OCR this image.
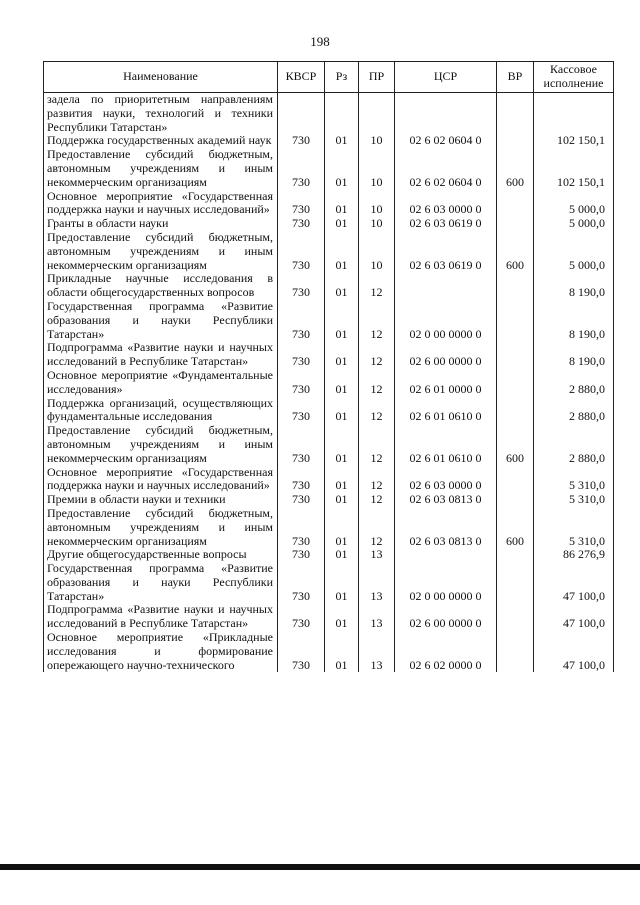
198
Наименование	КВСР	Рз	ПР	ЦСР	ВР	Кассовое исполнение
задела по приоритетным направлениям развития науки, технологий и техники Республики Татарстан»						
Поддержка государственных академий наук	730	01	10	02 6 02 0604 0		102 150,1
Предоставление субсидий бюджетным, автономным учреждениям и иным некоммерческим организациям	730	01	10	02 6 02 0604 0	600	102 150,1
Основное мероприятие «Государственная поддержка науки и научных исследований»	730	01	10	02 6 03 0000 0		5 000,0
Гранты в области науки	730	01	10	02 6 03 0619 0		5 000,0
Предоставление субсидий бюджетным, автономным учреждениям и иным некоммерческим организациям	730	01	10	02 6 03 0619 0	600	5 000,0
Прикладные научные исследования в области общегосударственных вопросов	730	01	12			8 190,0
Государственная программа «Развитие образования и науки Республики Татарстан»	730	01	12	02 0 00 0000 0		8 190,0
Подпрограмма «Развитие науки и научных исследований в Республике Татарстан»	730	01	12	02 6 00 0000 0		8 190,0
Основное мероприятие «Фундаментальные исследования»	730	01	12	02 6 01 0000 0		2 880,0
Поддержка организаций, осуществляющих фундаментальные исследования	730	01	12	02 6 01 0610 0		2 880,0
Предоставление субсидий бюджетным, автономным учреждениям и иным некоммерческим организациям	730	01	12	02 6 01 0610 0	600	2 880,0
Основное мероприятие «Государственная поддержка науки и научных исследований»	730	01	12	02 6 03 0000 0		5 310,0
Премии в области науки и техники	730	01	12	02 6 03 0813 0		5 310,0
Предоставление субсидий бюджетным, автономным учреждениям и иным некоммерческим организациям	730	01	12	02 6 03 0813 0	600	5 310,0
Другие общегосударственные вопросы	730	01	13			86 276,9
Государственная программа «Развитие образования и науки Республики Татарстан»	730	01	13	02 0 00 0000 0		47 100,0
Подпрограмма «Развитие науки и научных исследований в Республике Татарстан»	730	01	13	02 6 00 0000 0		47 100,0
Основное мероприятие «Прикладные исследования и формирование опережающего научно-технического	730	01	13	02 6 02 0000 0		47 100,0
